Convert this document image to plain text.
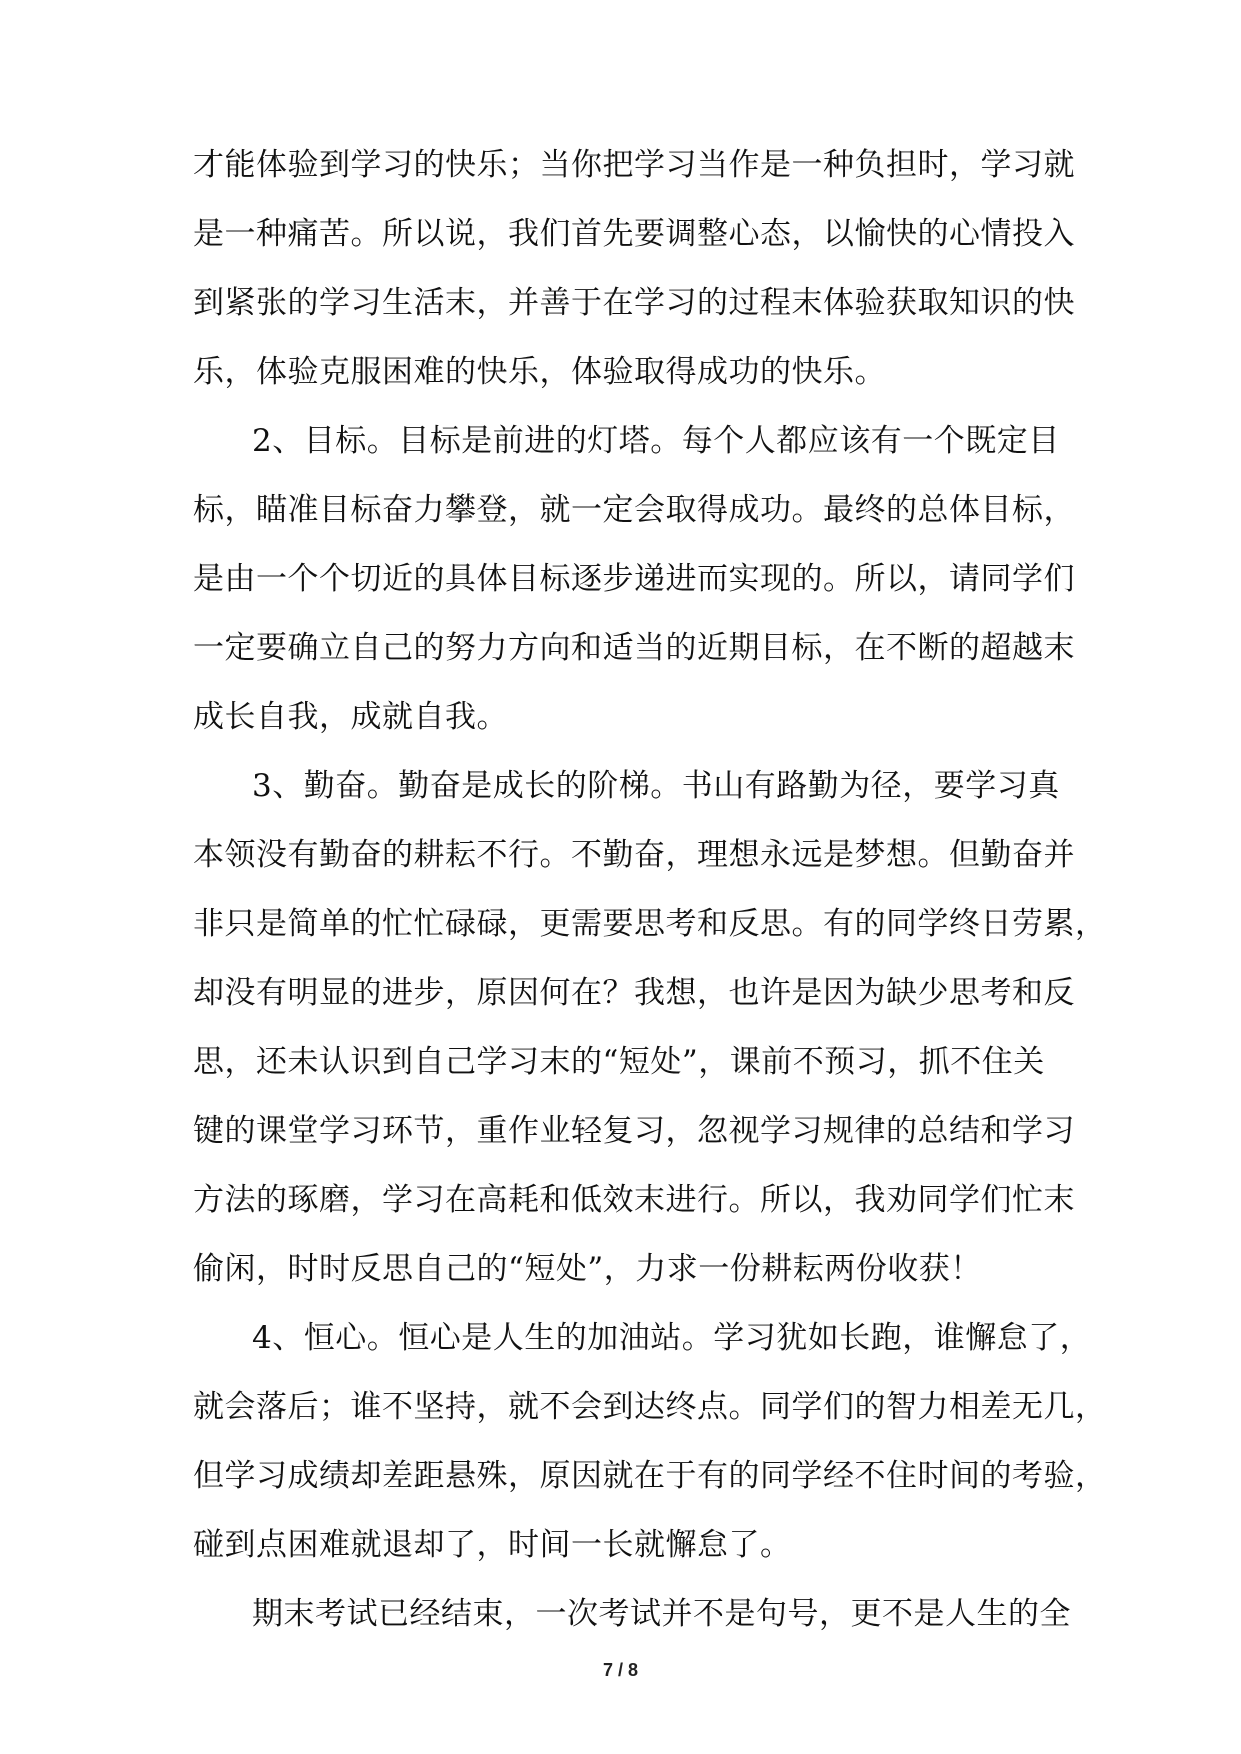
才能体验到学习的快乐；当你把学习当作是一种负担时，学习就
是一种痛苦。所以说，我们首先要调整心态，以愉快的心情投入
到紧张的学习生活末，并善于在学习的过程末体验获取知识的快
乐，体验克服困难的快乐，体验取得成功的快乐。
2、目标。目标是前进的灯塔。每个人都应该有一个既定目
标，瞄准目标奋力攀登，就一定会取得成功。最终的总体目标，
是由一个个切近的具体目标逐步递进而实现的。所以，请同学们
一定要确立自己的努力方向和适当的近期目标，在不断的超越末
成长自我，成就自我。
3、勤奋。勤奋是成长的阶梯。书山有路勤为径，要学习真
本领没有勤奋的耕耘不行。不勤奋，理想永远是梦想。但勤奋并
非只是简单的忙忙碌碌，更需要思考和反思。有的同学终日劳累，
却没有明显的进步，原因何在？我想，也许是因为缺少思考和反
思，还未认识到自己学习末的“短处”，课前不预习，抓不住关
键的课堂学习环节，重作业轻复习，忽视学习规律的总结和学习
方法的琢磨，学习在高耗和低效末进行。所以，我劝同学们忙末
偷闲，时时反思自己的“短处”，力求一份耕耘两份收获！
4、恒心。恒心是人生的加油站。学习犹如长跑，谁懈怠了，
就会落后；谁不坚持，就不会到达终点。同学们的智力相差无几，
但学习成绩却差距悬殊，原因就在于有的同学经不住时间的考验，
碰到点困难就退却了，时间一长就懈怠了。
期末考试已经结束，一次考试并不是句号，更不是人生的全
7 / 8
